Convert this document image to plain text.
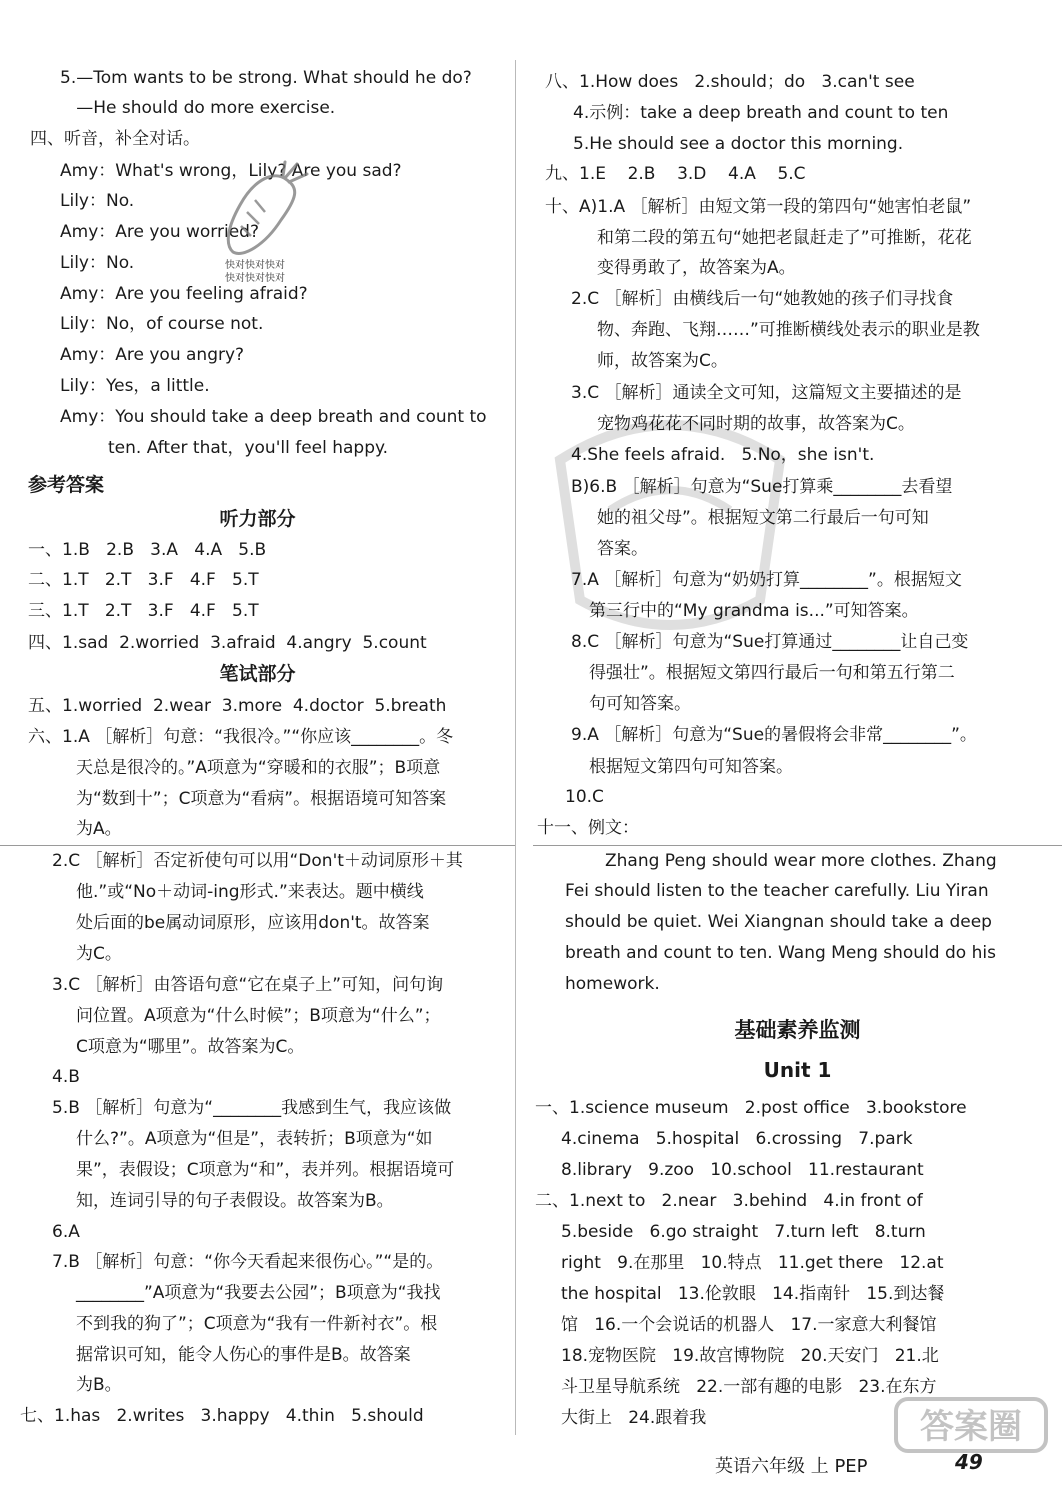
5.—Tom wants to be strong. What should he do?
—He should do more exercise.
四、听音，补全对话。
Amy：What's wrong，Lily? Are you sad?
Lily：No.
Amy：Are you worried?
Lily：No.
Amy：Are you feeling afraid?
Lily：No，of course not.
Amy：Are you angry?
Lily：Yes，a little.
Amy：You should take a deep breath and count to
ten. After that，you'll feel happy.
参考答案
听力部分
一、1.B   2.B   3.A   4.A   5.B
二、1.T   2.T   3.F   4.F   5.T
三、1.T   2.T   3.F   4.F   5.T
四、1.sad  2.worried  3.afraid  4.angry  5.count
笔试部分
五、1.worried  2.wear  3.more  4.doctor  5.breath
六、1.A ［解析］句意：“我很冷。”“你应该________。冬
天总是很冷的。”A项意为“穿暖和的衣服”；B项意
为“数到十”；C项意为“看病”。根据语境可知答案
为A。
2.C ［解析］否定祈使句可以用“Don't＋动词原形＋其
他.”或“No＋动词-ing形式.”来表达。题中横线
处后面的be属动词原形，应该用don't。故答案
为C。
3.C ［解析］由答语句意“它在桌子上”可知，问句询
问位置。A项意为“什么时候”；B项意为“什么”；
C项意为“哪里”。故答案为C。
4.B
5.B ［解析］句意为“________我感到生气，我应该做
什么?”。A项意为“但是”，表转折；B项意为“如
果”，表假设；C项意为“和”，表并列。根据语境可
知，连词引导的句子表假设。故答案为B。
6.A
7.B ［解析］句意：“你今天看起来很伤心。”“是的。
________”A项意为“我要去公园”；B项意为“我找
不到我的狗了”；C项意为“我有一件新衬衣”。根
据常识可知，能令人伤心的事件是B。故答案
为B。
七、1.has   2.writes   3.happy   4.thin   5.should
八、1.How does   2.should；do   3.can't see
4.示例：take a deep breath and count to ten
5.He should see a doctor this morning.
九、1.E    2.B    3.D    4.A    5.C
十、A)1.A ［解析］由短文第一段的第四句“她害怕老鼠”
和第二段的第五句“她把老鼠赶走了”可推断，花花
变得勇敢了，故答案为A。
2.C ［解析］由横线后一句“她教她的孩子们寻找食
物、奔跑、飞翔……”可推断横线处表示的职业是教
师，故答案为C。
3.C ［解析］通读全文可知，这篇短文主要描述的是
宠物鸡花花不同时期的故事，故答案为C。
4.She feels afraid.   5.No，she isn't.
B)6.B ［解析］句意为“Sue打算乘________去看望
她的祖父母”。根据短文第二行最后一句可知
答案。
7.A ［解析］句意为“奶奶打算________”。根据短文
第三行中的“My grandma is...”可知答案。
8.C ［解析］句意为“Sue打算通过________让自己变
得强壮”。根据短文第四行最后一句和第五行第二
句可知答案。
9.A ［解析］句意为“Sue的暑假将会非常________”。
根据短文第四句可知答案。
10.C
十一、例文：
Zhang Peng should wear more clothes. Zhang
Fei should listen to the teacher carefully. Liu Yiran
should be quiet. Wei Xiangnan should take a deep
breath and count to ten. Wang Meng should do his
homework.
基础素养监测
Unit 1
一、1.science museum   2.post office   3.bookstore
4.cinema   5.hospital   6.crossing   7.park
8.library   9.zoo   10.school   11.restaurant
二、1.next to   2.near   3.behind   4.in front of
5.beside   6.go straight   7.turn left   8.turn
right   9.在那里   10.特点   11.get there   12.at
the hospital   13.伦敦眼   14.指南针   15.到达餐
馆   16.一个会说话的机器人   17.一家意大利餐馆
18.宠物医院   19.故宫博物院   20.天安门   21.北
斗卫星导航系统   22.一部有趣的电影   23.在东方
大街上   24.跟着我
快对快对快对
快对快对快对
英语六年级 上 PEP	49
答案圈
